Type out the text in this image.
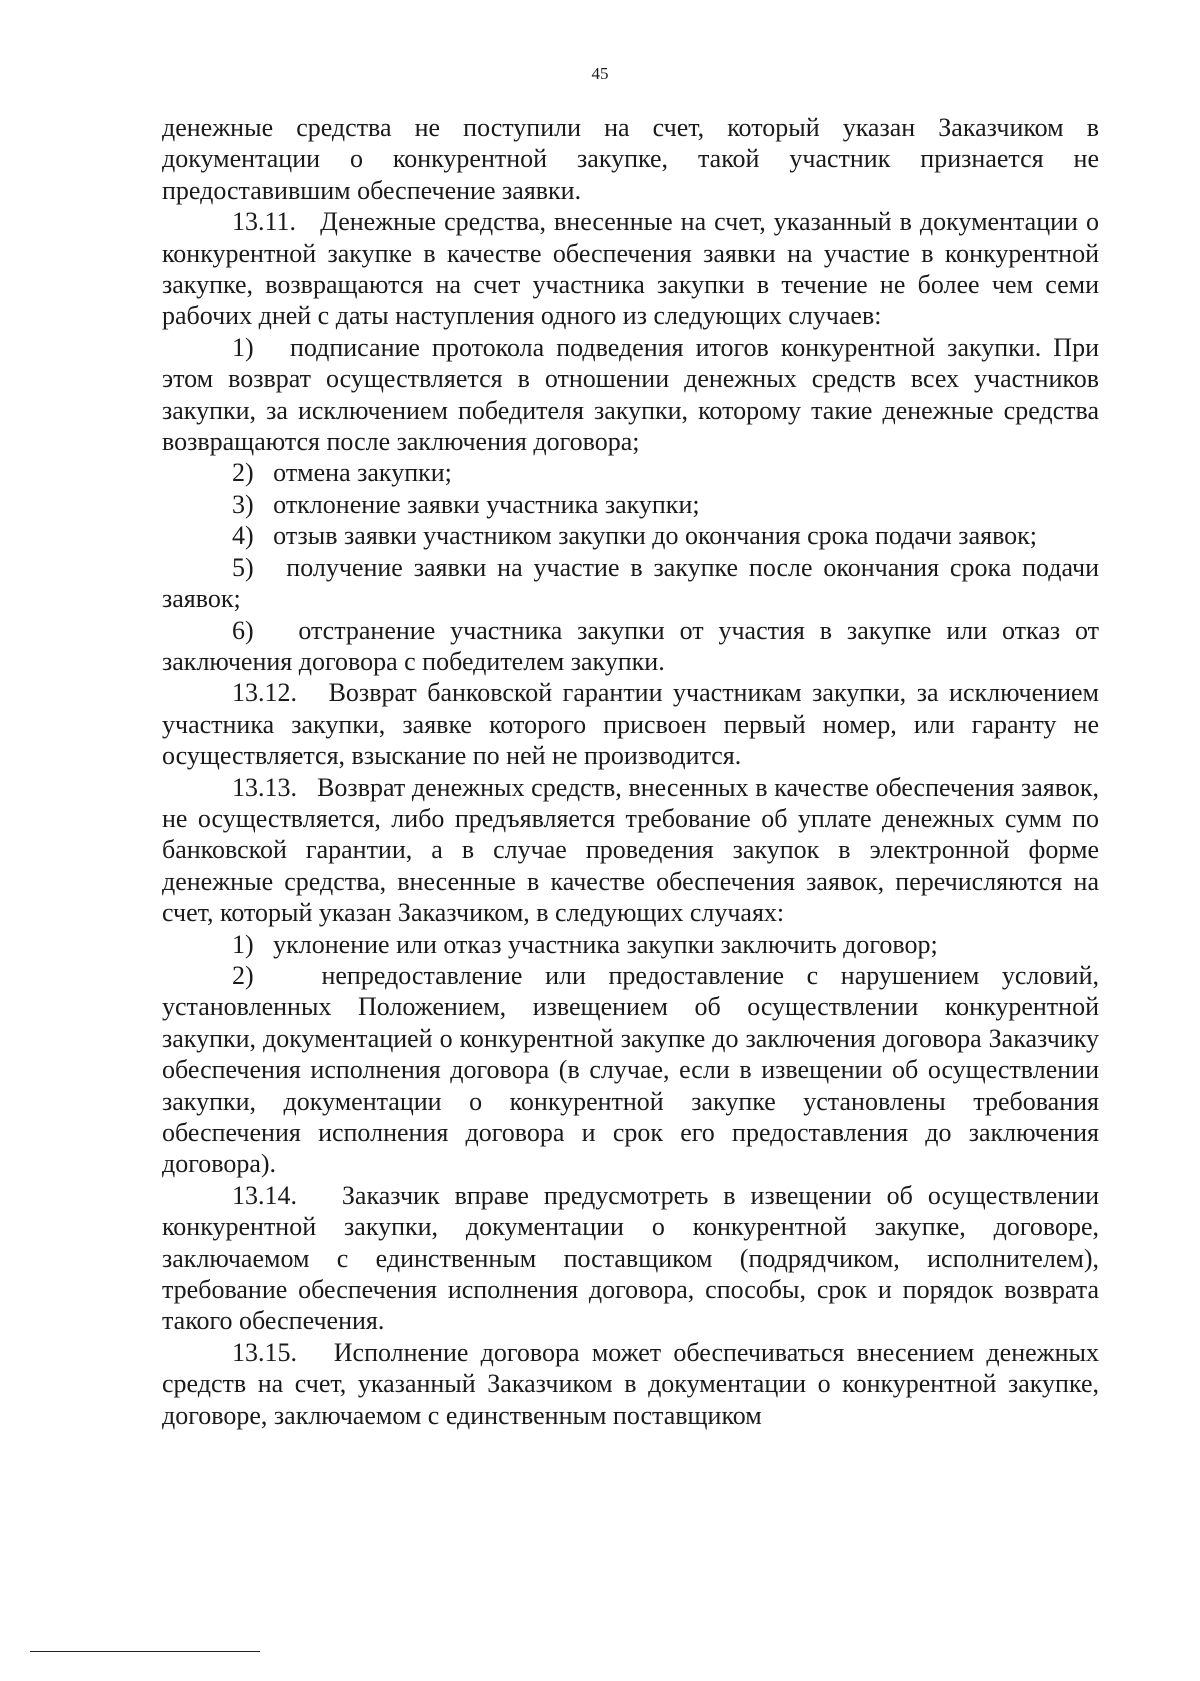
45

денежные средства не поступили на счет, который указан Заказчиком в документации о конкурентной закупке, такой участник признается не предоставившим обеспечение заявки.

13.11.   Денежные средства, внесенные на счет, указанный в документации о конкурентной закупке в качестве обеспечения заявки на участие в конкурентной закупке, возвращаются на счет участника закупки в течение не более чем семи рабочих дней с даты наступления одного из следующих случаев:

1)   подписание протокола подведения итогов конкурентной закупки. При этом возврат осуществляется в отношении денежных средств всех участников закупки, за исключением победителя закупки, которому такие денежные средства возвращаются после заключения договора;

2)   отмена закупки;

3)   отклонение заявки участника закупки;

4)   отзыв заявки участником закупки до окончания срока подачи заявок;

5)   получение заявки на участие в закупке после окончания срока подачи заявок;

6)   отстранение участника закупки от участия в закупке или отказ от заключения договора с победителем закупки.

13.12.   Возврат банковской гарантии участникам закупки, за исключением участника закупки, заявке которого присвоен первый номер, или гаранту не осуществляется, взыскание по ней не производится.

13.13.   Возврат денежных средств, внесенных в качестве обеспечения заявок, не осуществляется, либо предъявляется требование об уплате денежных сумм по банковской гарантии, а в случае проведения закупок в электронной форме денежные средства, внесенные в качестве обеспечения заявок, перечисляются на счет, который указан Заказчиком, в следующих случаях:

1)   уклонение или отказ участника закупки заключить договор;

2)   непредоставление или предоставление с нарушением условий, установленных Положением, извещением об осуществлении конкурентной закупки, документацией о конкурентной закупке до заключения договора Заказчику обеспечения исполнения договора (в случае, если в извещении об осуществлении закупки, документации о конкурентной закупке установлены требования обеспечения исполнения договора и срок его предоставления до заключения договора).

13.14.   Заказчик вправе предусмотреть в извещении об осуществлении конкурентной закупки, документации о конкурентной закупке, договоре, заключаемом с единственным поставщиком (подрядчиком, исполнителем), требование обеспечения исполнения договора, способы, срок и порядок возврата такого обеспечения.

13.15.   Исполнение договора может обеспечиваться внесением денежных средств на счет, указанный Заказчиком в документации о конкурентной закупке, договоре, заключаемом с единственным поставщиком
